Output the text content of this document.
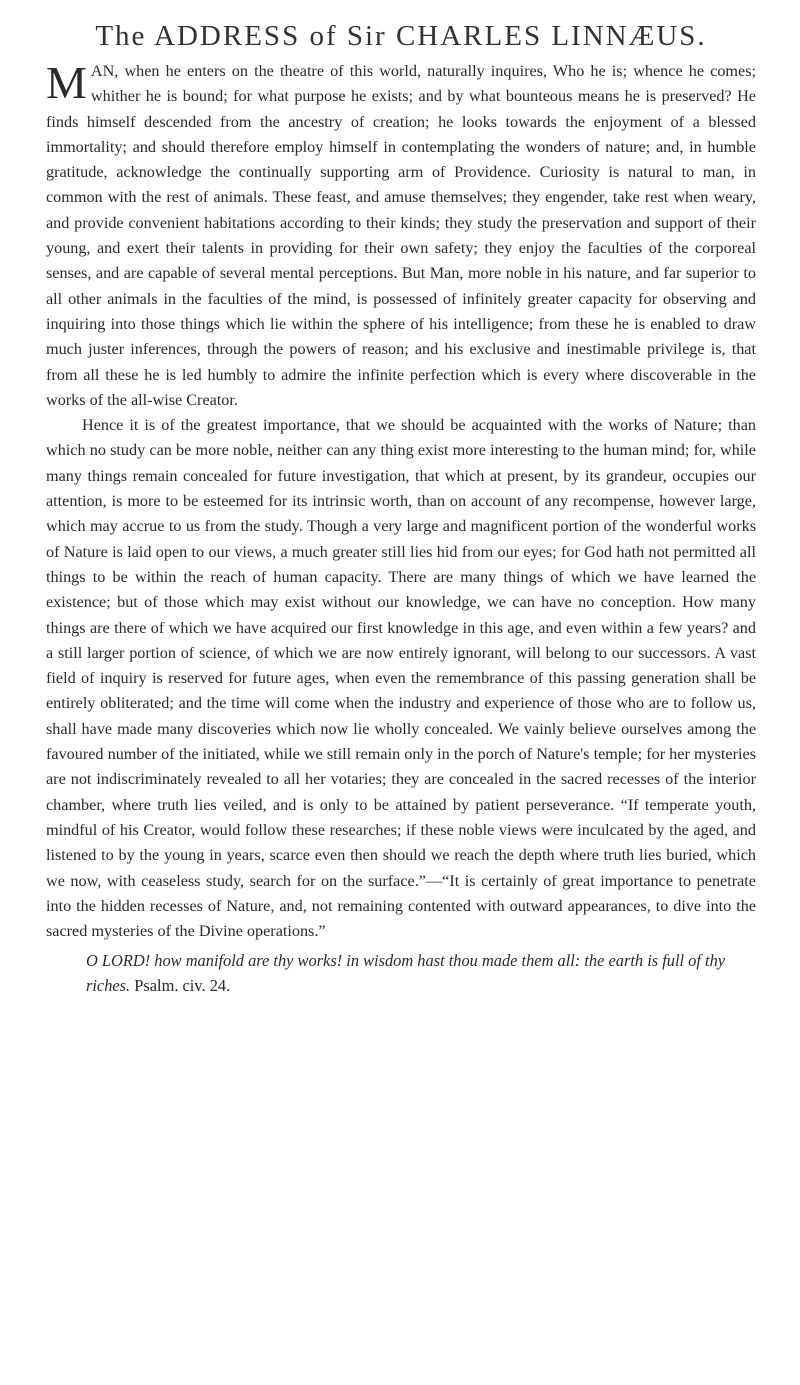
The ADDRESS of Sir CHARLES LINNÆUS.

MAN, when he enters on the theatre of this world, naturally inquires, Who he is; whence he comes; whither he is bound; for what purpose he exists; and by what bounteous means he is preserved? He finds himself descended from the ancestry of creation; he looks towards the enjoyment of a blessed immortality; and should therefore employ himself in contemplating the wonders of nature; and, in humble gratitude, acknowledge the continually supporting arm of Providence. Curiosity is natural to man, in common with the rest of animals. These feast, and amuse themselves; they engender, take rest when weary, and provide convenient habitations according to their kinds; they study the preservation and support of their young, and exert their talents in providing for their own safety; they enjoy the faculties of the corporeal senses, and are capable of several mental perceptions. But Man, more noble in his nature, and far superior to all other animals in the faculties of the mind, is possessed of infinitely greater capacity for observing and inquiring into those things which lie within the sphere of his intelligence; from these he is enabled to draw much juster inferences, through the powers of reason; and his exclusive and inestimable privilege is, that from all these he is led humbly to admire the infinite perfection which is every where discoverable in the works of the all-wise Creator.

Hence it is of the greatest importance, that we should be acquainted with the works of Nature; than which no study can be more noble, neither can any thing exist more interesting to the human mind; for, while many things remain concealed for future investigation, that which at present, by its grandeur, occupies our attention, is more to be esteemed for its intrinsic worth, than on account of any recompense, however large, which may accrue to us from the study. Though a very large and magnificent portion of the wonderful works of Nature is laid open to our views, a much greater still lies hid from our eyes; for God hath not permitted all things to be within the reach of human capacity. There are many things of which we have learned the existence; but of those which may exist without our knowledge, we can have no conception. How many things are there of which we have acquired our first knowledge in this age, and even within a few years? and a still larger portion of science, of which we are now entirely ignorant, will belong to our successors. A vast field of inquiry is reserved for future ages, when even the remembrance of this passing generation shall be entirely obliterated; and the time will come when the industry and experience of those who are to follow us, shall have made many discoveries which now lie wholly concealed. We vainly believe ourselves among the favoured number of the initiated, while we still remain only in the porch of Nature's temple; for her mysteries are not indiscriminately revealed to all her votaries; they are concealed in the sacred recesses of the interior chamber, where truth lies veiled, and is only to be attained by patient perseverance. “If temperate youth, mindful of his Creator, would follow these researches; if these noble views were inculcated by the aged, and listened to by the young in years, scarce even then should we reach the depth where truth lies buried, which we now, with ceaseless study, search for on the surface.”—“It is certainly of great importance to penetrate into the hidden recesses of Nature, and, not remaining contented with outward appearances, to dive into the sacred mysteries of the Divine operations.”

O LORD! how manifold are thy works! in wisdom hast thou made them all: the earth is full of thy riches. Psalm. civ. 24.
